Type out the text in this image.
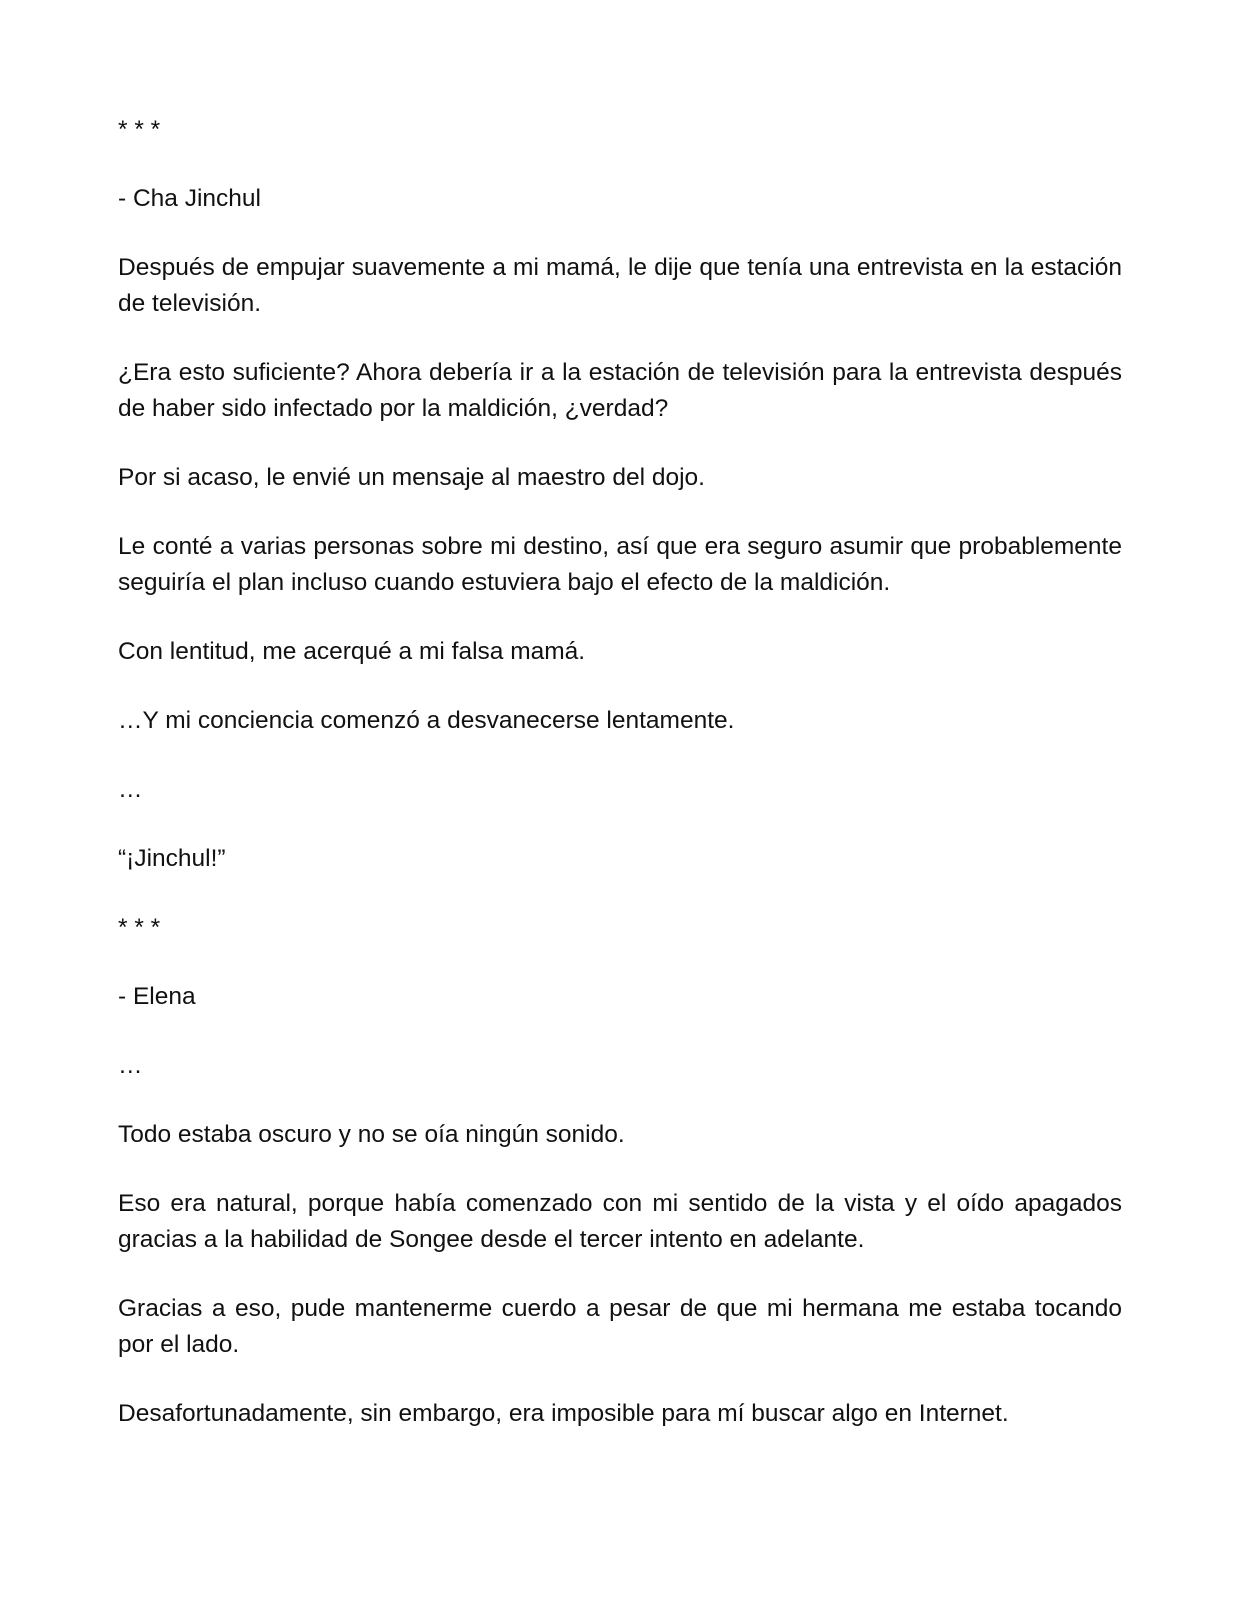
* * *

- Cha Jinchul

Después de empujar suavemente a mi mamá, le dije que tenía una entrevista en la estación de televisión.

¿Era esto suficiente? Ahora debería ir a la estación de televisión para la entrevista después de haber sido infectado por la maldición, ¿verdad?

Por si acaso, le envié un mensaje al maestro del dojo.

Le conté a varias personas sobre mi destino, así que era seguro asumir que probablemente seguiría el plan incluso cuando estuviera bajo el efecto de la maldición.

Con lentitud, me acerqué a mi falsa mamá.

…Y mi conciencia comenzó a desvanecerse lentamente.

…

“¡Jinchul!”

* * *

- Elena

…

Todo estaba oscuro y no se oía ningún sonido.

Eso era natural, porque había comenzado con mi sentido de la vista y el oído apagados gracias a la habilidad de Songee desde el tercer intento en adelante.

Gracias a eso, pude mantenerme cuerdo a pesar de que mi hermana me estaba tocando por el lado.

Desafortunadamente, sin embargo, era imposible para mí buscar algo en Internet.
